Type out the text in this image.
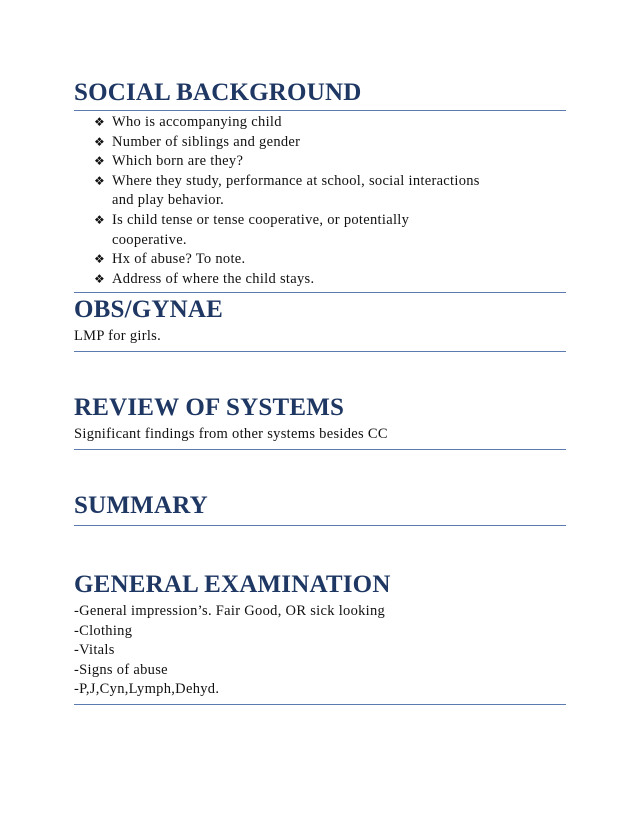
SOCIAL BACKGROUND
❖ Who is accompanying child
❖ Number of siblings and gender
❖ Which born are they?
❖ Where they study, performance at school, social interactions
and play behavior.
❖ Is child tense or tense cooperative, or potentially
cooperative.
❖ Hx of abuse? To note.
❖ Address of where the child stays.
OBS/GYNAE

LMP for girls.

REVIEW OF SYSTEMS

Significant findings from other systems besides CC

SUMMARY
GENERAL EXAMINATION

-General impression’s. Fair Good, OR sick looking

-Clothing

-Vitals

-Signs of abuse

-P,J,Cyn,Lymph,Dehyd.
